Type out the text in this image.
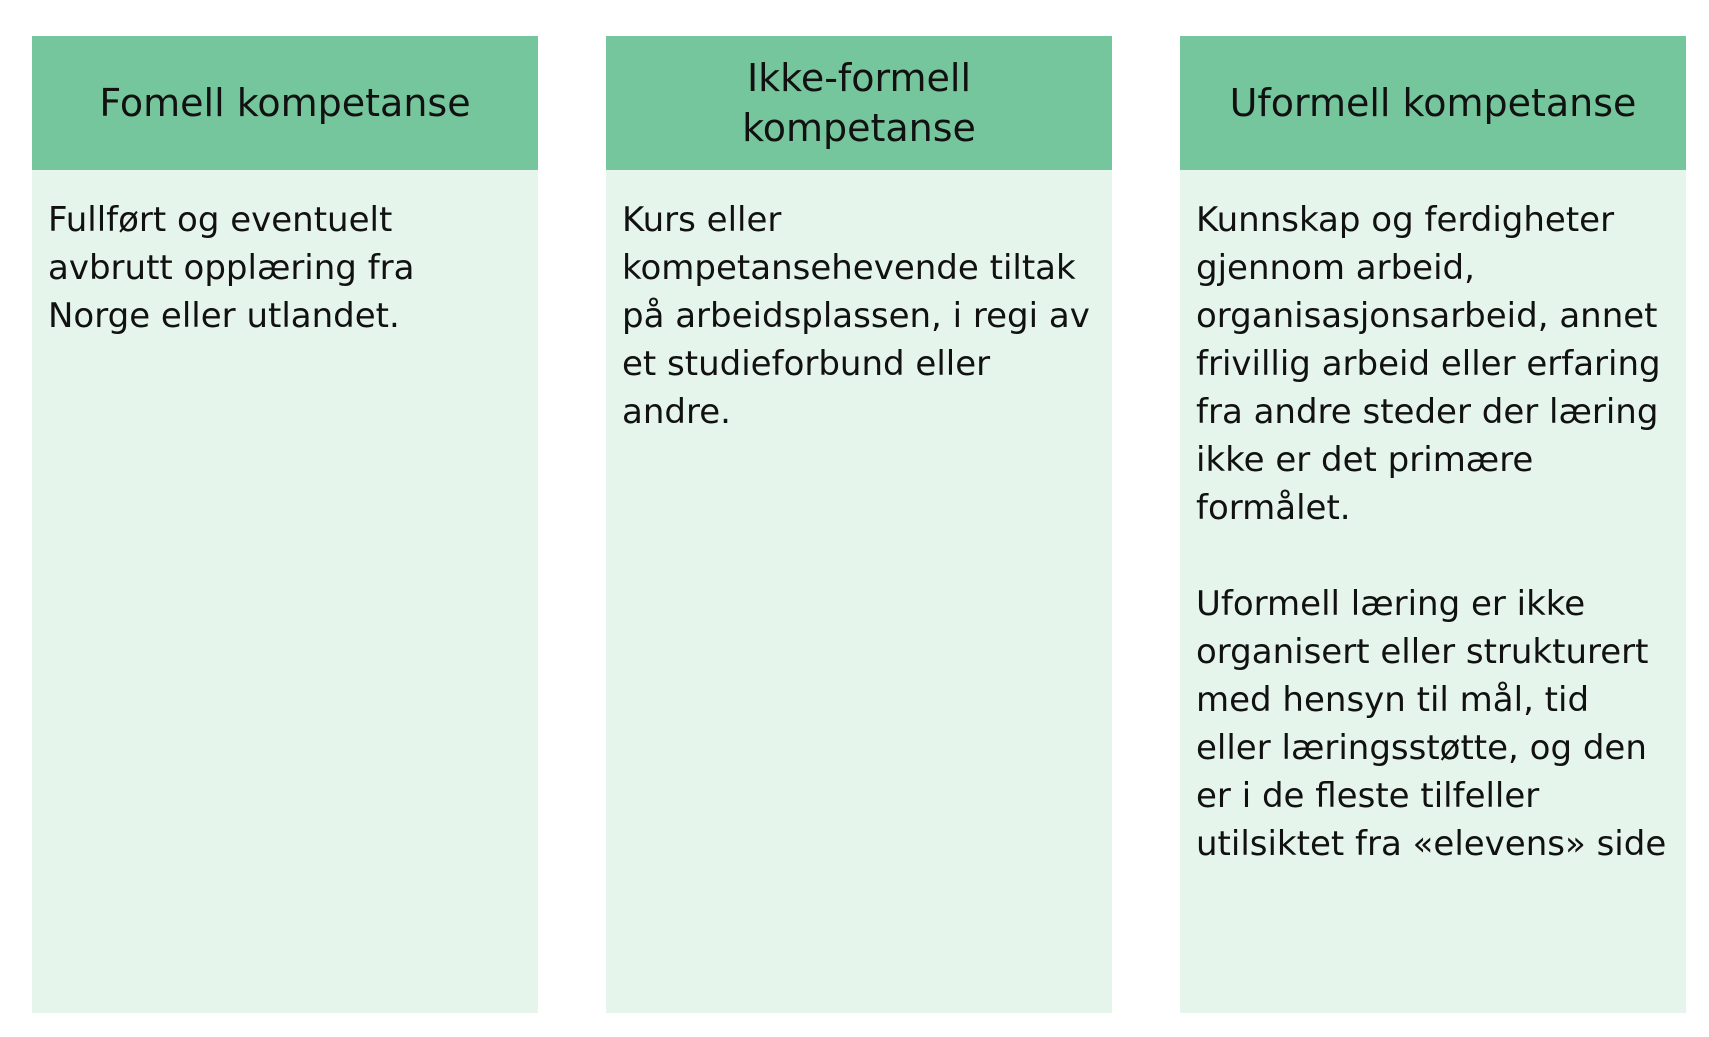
Fomell kompetanse

Fullført og eventuelt avbrutt opplæring fra Norge eller utlandet.

Ikke-formell kompetanse

Kurs eller kompetansehevende tiltak på arbeidsplassen, i regi av et studieforbund eller andre.

Uformell kompetanse

Kunnskap og ferdigheter gjennom arbeid, organisasjonsarbeid, annet frivillig arbeid eller erfaring fra andre steder der læring ikke er det primære formålet.

Uformell læring er ikke organisert eller strukturert med hensyn til mål, tid eller læringsstøtte, og den er i de fleste tilfeller utilsiktet fra «elevens» side
